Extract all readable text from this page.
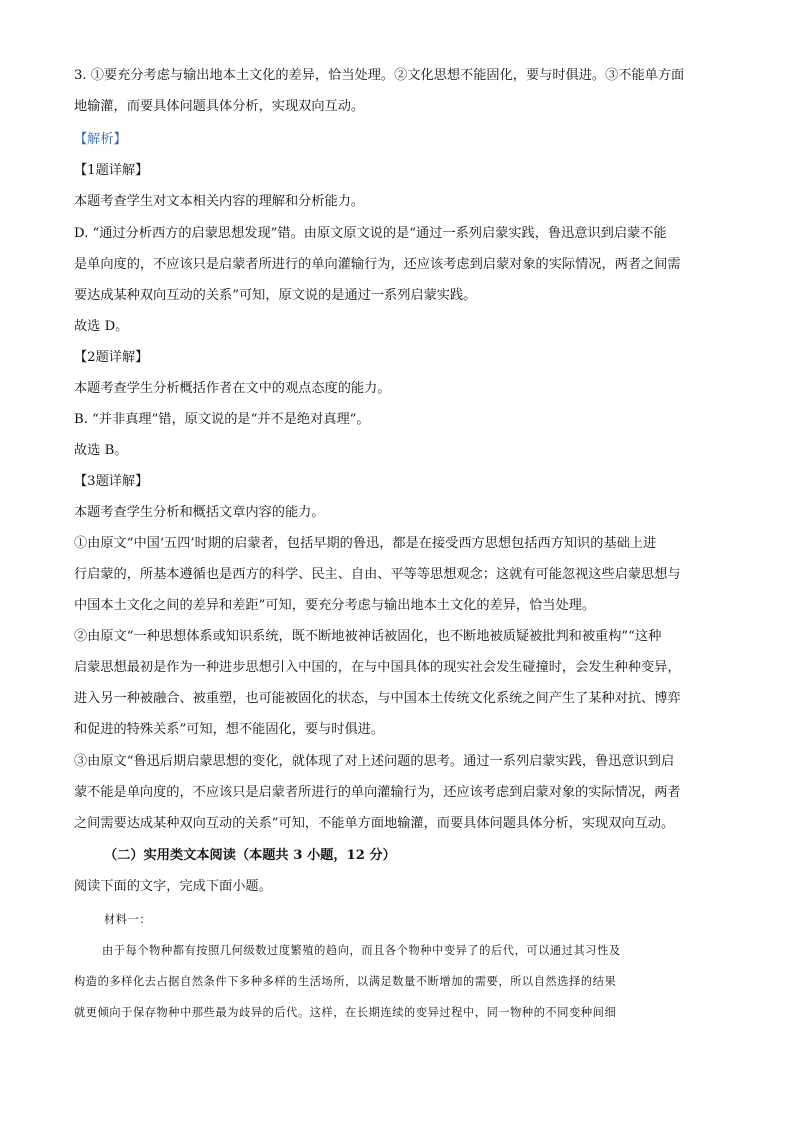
3. ①要充分考虑与输出地本土文化的差异，恰当处理。②文化思想不能固化，要与时俱进。③不能单方面
地输灌，而要具体问题具体分析，实现双向互动。
【解析】
【1题详解】
本题考查学生对文本相关内容的理解和分析能力。
D. “通过分析西方的启蒙思想发现”错。由原文原文说的是“通过一系列启蒙实践，鲁迅意识到启蒙不能
是单向度的，不应该只是启蒙者所进行的单向灌输行为，还应该考虑到启蒙对象的实际情况，两者之间需
要达成某种双向互动的关系”可知，原文说的是通过一系列启蒙实践。
故选 D。
【2题详解】
本题考查学生分析概括作者在文中的观点态度的能力。
B. “并非真理”错，原文说的是“并不是绝对真理”。
故选 B。
【3题详解】
本题考查学生分析和概括文章内容的能力。
①由原文“中国‘五四’时期的启蒙者，包括早期的鲁迅，都是在接受西方思想包括西方知识的基础上进
行启蒙的，所基本遵循也是西方的科学、民主、自由、平等等思想观念；这就有可能忽视这些启蒙思想与
中国本土文化之间的差异和差距”可知，要充分考虑与输出地本土文化的差异，恰当处理。
②由原文“一种思想体系或知识系统，既不断地被神话被固化，也不断地被质疑被批判和被重构”“这种
启蒙思想最初是作为一种进步思想引入中国的，在与中国具体的现实社会发生碰撞时，会发生种种变异，
进入另一种被融合、被重塑，也可能被固化的状态，与中国本土传统文化系统之间产生了某种对抗、博弈
和促进的特殊关系”可知，想不能固化，要与时俱进。
③由原文“鲁迅后期启蒙思想的变化，就体现了对上述问题的思考。通过一系列启蒙实践，鲁迅意识到启
蒙不能是单向度的，不应该只是启蒙者所进行的单向灌输行为，还应该考虑到启蒙对象的实际情况，两者
之间需要达成某种双向互动的关系”可知，不能单方面地输灌，而要具体问题具体分析，实现双向互动。
（二）实用类文本阅读（本题共 3 小题，12 分）
阅读下面的文字，完成下面小题。
材料一：
由于每个物种都有按照几何级数过度繁殖的趋向，而且各个物种中变异了的后代，可以通过其习性及
构造的多样化去占据自然条件下多种多样的生活场所，以满足数量不断增加的需要，所以自然选择的结果
就更倾向于保存物种中那些最为歧异的后代。这样，在长期连续的变异过程中，同一物种的不同变种间细
